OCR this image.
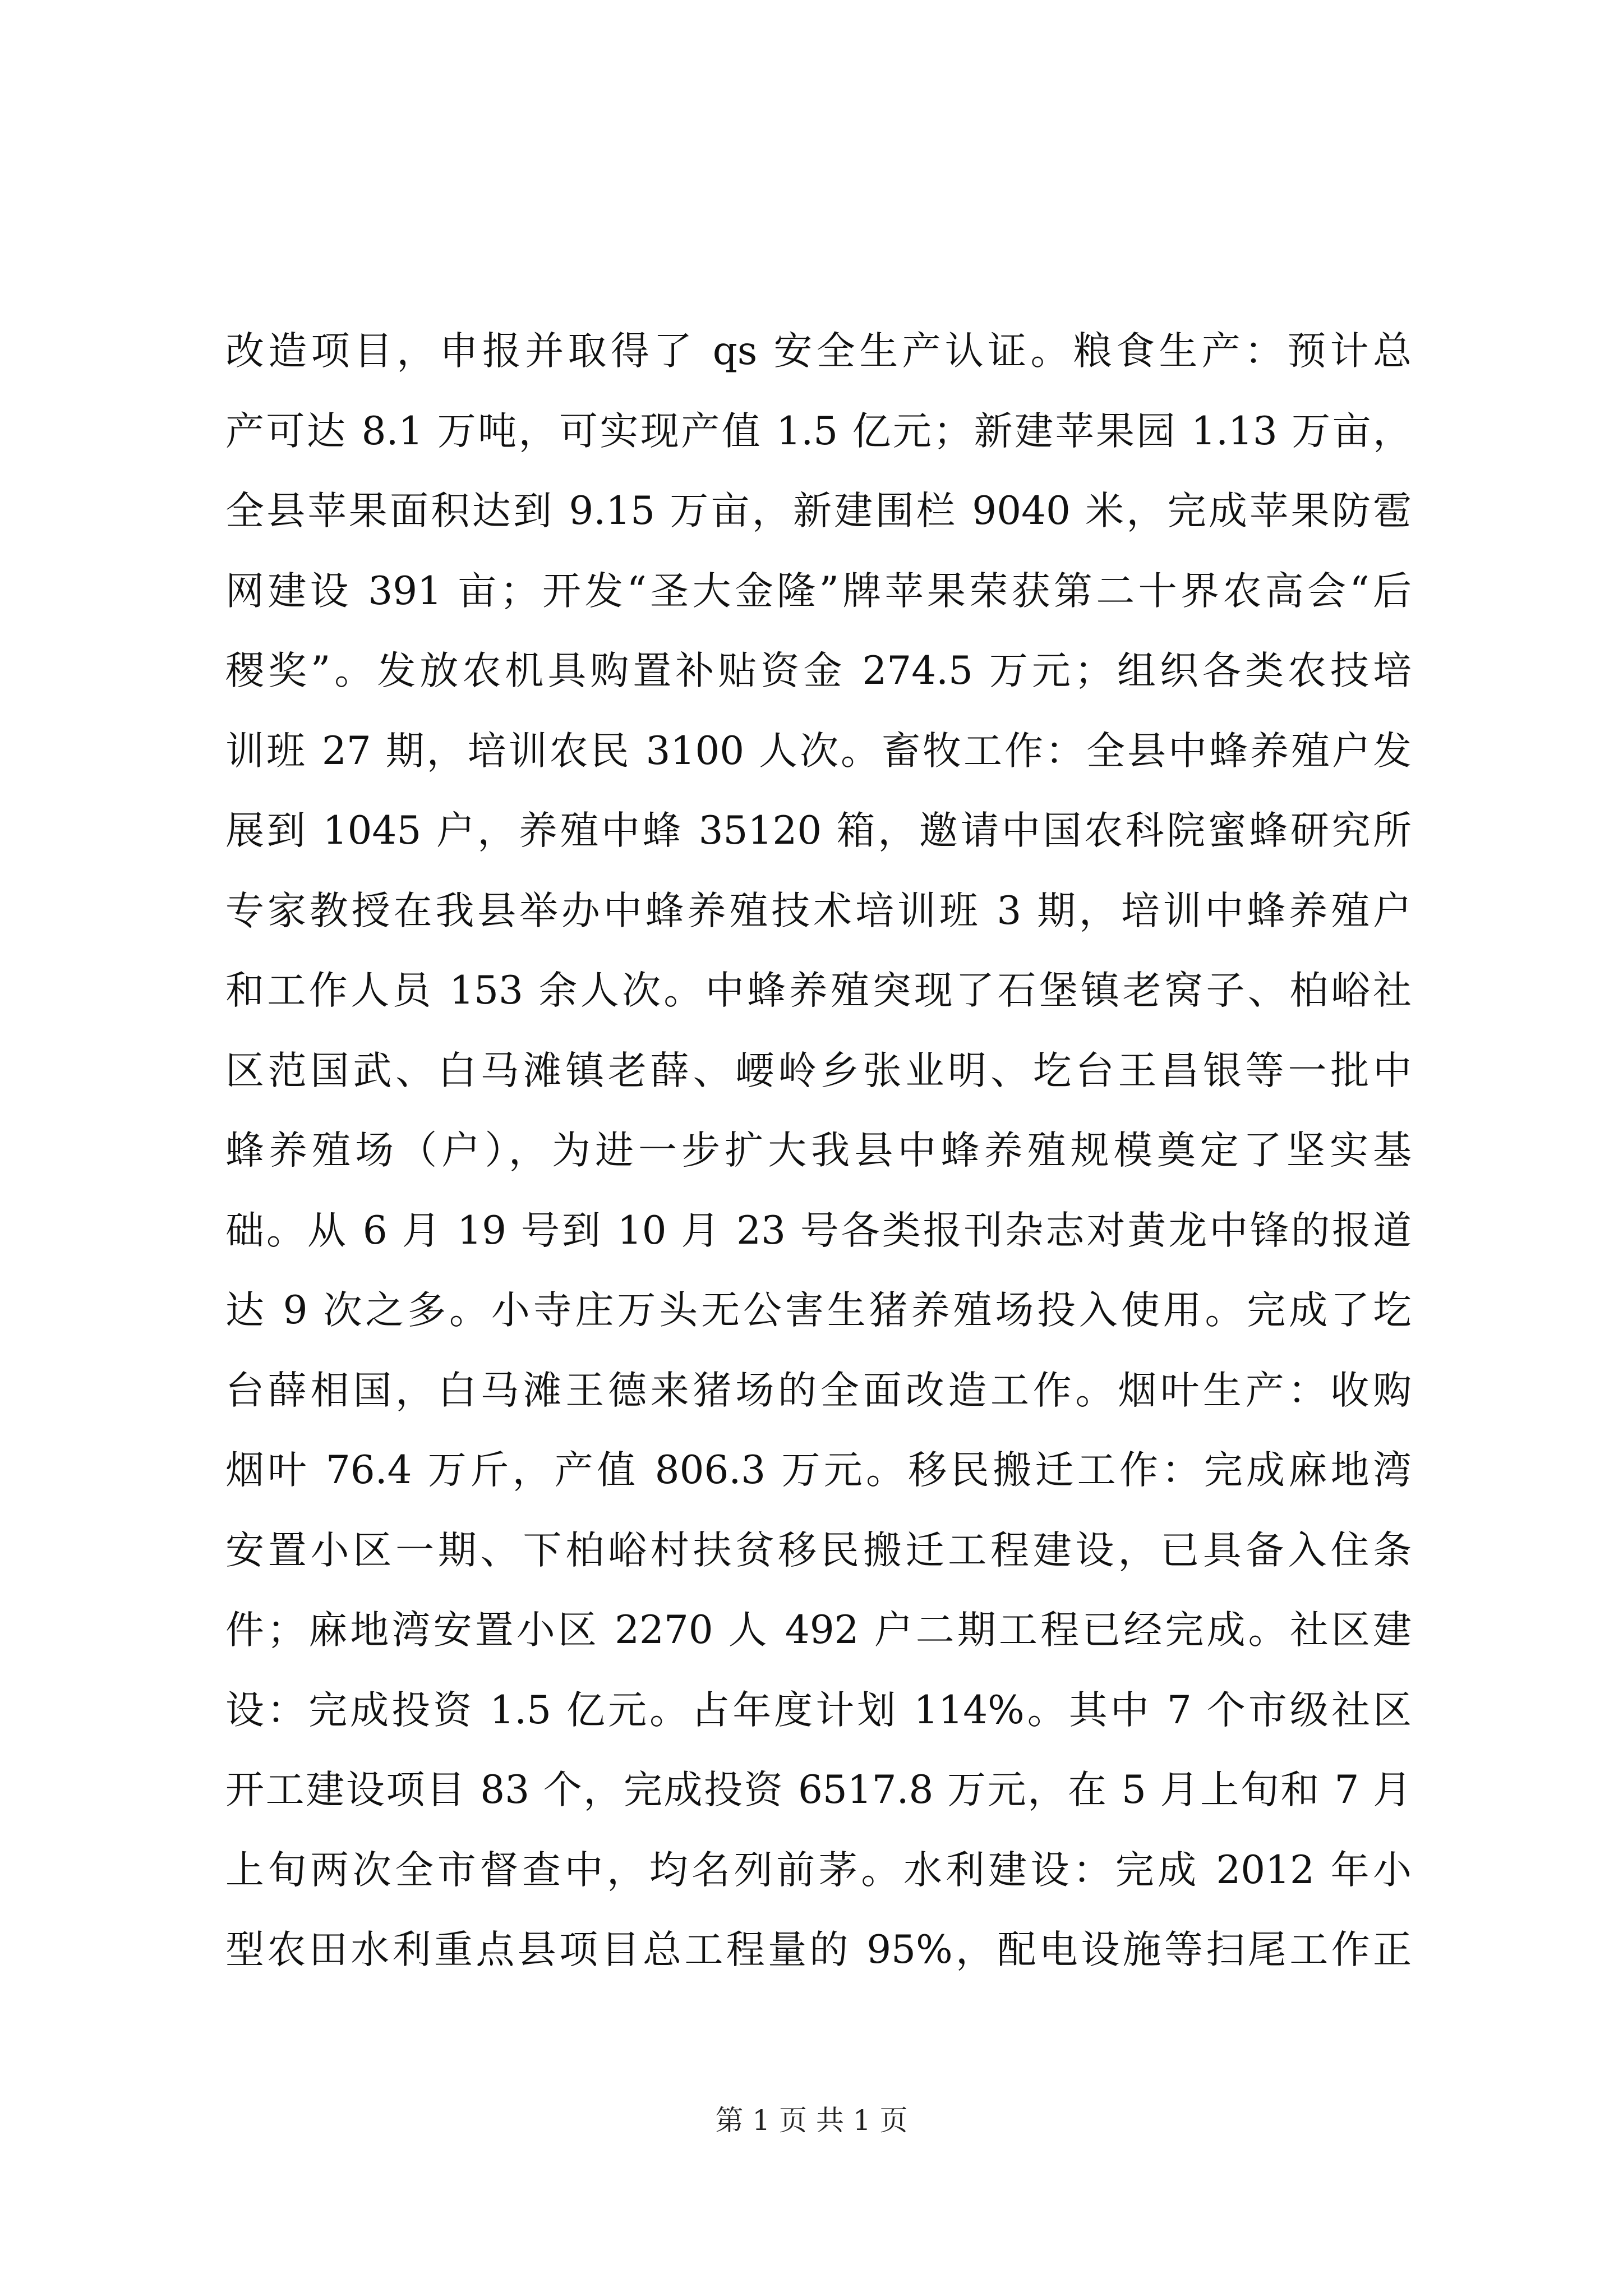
改造项目，申报并取得了 qs 安全生产认证。粮食生产：预计总
产可达 8.1 万吨，可实现产值 1.5 亿元；新建苹果园 1.13 万亩，
全县苹果面积达到 9.15 万亩，新建围栏 9040 米，完成苹果防雹
网建设 391 亩；开发“圣大金隆”牌苹果荣获第二十界农高会“后
稷奖”。发放农机具购置补贴资金 274.5 万元；组织各类农技培
训班 27 期，培训农民 3100 人次。畜牧工作：全县中蜂养殖户发
展到 1045 户，养殖中蜂 35120 箱，邀请中国农科院蜜蜂研究所
专家教授在我县举办中蜂养殖技术培训班 3 期，培训中蜂养殖户
和工作人员 153 余人次。中蜂养殖突现了石堡镇老窝子、柏峪社
区范国武、白马滩镇老薛、崾岭乡张业明、圪台王昌银等一批中
蜂养殖场（户），为进一步扩大我县中蜂养殖规模奠定了坚实基
础。从 6 月 19 号到 10 月 23 号各类报刊杂志对黄龙中锋的报道
达 9 次之多。小寺庄万头无公害生猪养殖场投入使用。完成了圪
台薛相国，白马滩王德来猪场的全面改造工作。烟叶生产：收购
烟叶 76.4 万斤，产值 806.3 万元。移民搬迁工作：完成麻地湾
安置小区一期、下柏峪村扶贫移民搬迁工程建设，已具备入住条
件；麻地湾安置小区 2270 人 492 户二期工程已经完成。社区建
设：完成投资 1.5 亿元。占年度计划 114%。其中 7 个市级社区
开工建设项目 83 个，完成投资 6517.8 万元，在 5 月上旬和 7 月
上旬两次全市督查中，均名列前茅。水利建设：完成 2012 年小
型农田水利重点县项目总工程量的 95%，配电设施等扫尾工作正
第 1 页 共 1 页
